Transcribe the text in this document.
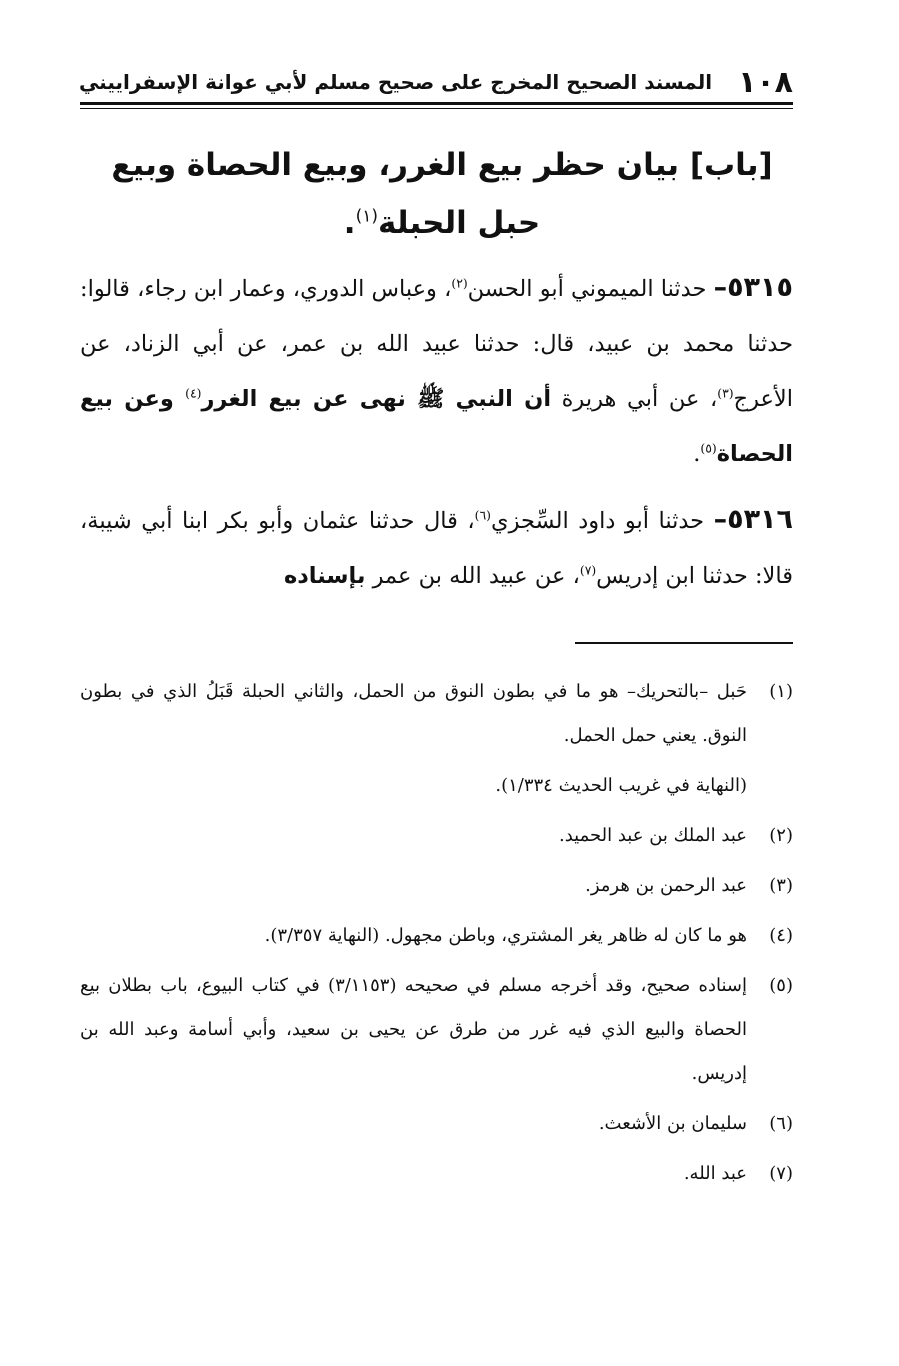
١٠٨
المسند الصحيح المخرج على صحيح مسلم لأبي عوانة الإسفراييني
[باب] بيان حظر بيع الغرر، وبيع الحصاة وبيع حبل الحبلة$^{(١)}$.

٥٣١٥– حدثنا الميموني أبو الحسن$^{(٢)}$، وعباس الدوري، وعمار ابن رجاء، قالوا: حدثنا محمد بن عبيد، قال: حدثنا عبيد الله بن عمر، عن أبي الزناد، عن الأعرج$^{(٣)}$، عن أبي هريرة أن النبي ﷺ نهى عن بيع الغرر$^{(٤)}$ وعن بيع الحصاة$^{(٥)}$.

٥٣١٦– حدثنا أبو داود السِّجزي$^{(٦)}$، قال حدثنا عثمان وأبو بكر ابنا أبي شيبة، قالا: حدثنا ابن إدريس$^{(٧)}$، عن عبيد الله بن عمر بإسناده

(١)
حَبل –بالتحريك– هو ما في بطون النوق من الحمل، والثاني الحبلة قَبَلُ الذي في بطون النوق. يعني حمل الحمل.
(النهاية في غريب الحديث ١/٣٣٤).
(٢)
عبد الملك بن عبد الحميد.
(٣)
عبد الرحمن بن هرمز.
(٤)
هو ما كان له ظاهر يغر المشتري، وباطن مجهول. (النهاية ٣/٣٥٧).
(٥)
إسناده صحيح، وقد أخرجه مسلم في صحيحه (٣/١١٥٣) في كتاب البيوع، باب بطلان بيع الحصاة والبيع الذي فيه غرر من طرق عن يحيى بن سعيد، وأبي أسامة وعبد الله بن إدريس.
(٦)
سليمان بن الأشعث.
(٧)
عبد الله.
